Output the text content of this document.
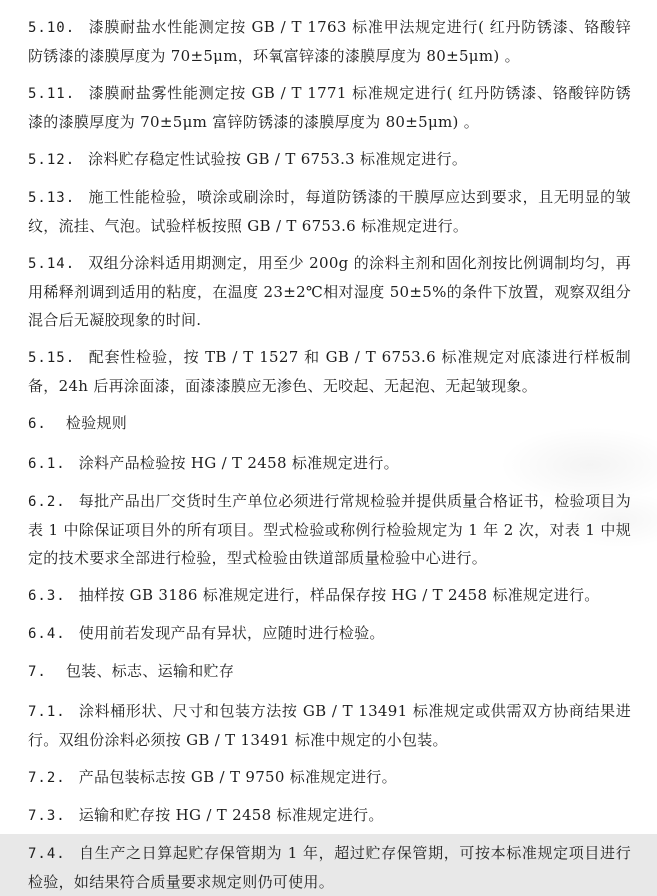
5.10. 漆膜耐盐水性能测定按 GB / T 1763 标准甲法规定进行( 红丹防锈漆、铬酸锌防锈漆的漆膜厚度为 70±5μm，环氧富锌漆的漆膜厚度为 80±5μm) 。

5.11. 漆膜耐盐雾性能测定按 GB / T 1771 标准规定进行( 红丹防锈漆、铬酸锌防锈漆的漆膜厚度为 70±5μm 富锌防锈漆的漆膜厚度为 80±5μm) 。

5.12. 涂料贮存稳定性试验按 GB / T 6753.3 标准规定进行。

5.13. 施工性能检验，喷涂或刷涂时，每道防锈漆的干膜厚应达到要求，且无明显的皱纹，流挂、气泡。试验样板按照 GB / T 6753.6 标准规定进行。

5.14. 双组分涂料适用期测定，用至少 200g 的涂料主剂和固化剂按比例调制均匀，再用稀释剂调到适用的粘度，在温度 23±2℃相对湿度 50±5%的条件下放置，观察双组分混合后无凝胶现象的时间.

5.15. 配套性检验，按 TB / T 1527 和 GB / T 6753.6 标准规定对底漆进行样板制备，24h 后再涂面漆，面漆漆膜应无渗色、无咬起、无起泡、无起皱现象。

6. 检验规则

6.1. 涂料产品检验按 HG / T 2458 标准规定进行。

6.2. 每批产品出厂交货时生产单位必须进行常规检验并提供质量合格证书，检验项目为表 1 中除保证项目外的所有项目。型式检验或称例行检验规定为 1 年 2 次，对表 1 中规定的技术要求全部进行检验，型式检验由铁道部质量检验中心进行。

6.3. 抽样按 GB 3186 标准规定进行，样品保存按 HG / T 2458 标准规定进行。

6.4. 使用前若发现产品有异状，应随时进行检验。

7. 包装、标志、运输和贮存

7.1. 涂料桶形状、尺寸和包装方法按 GB / T 13491 标准规定或供需双方协商结果进行。双组份涂料必须按 GB / T 13491 标准中规定的小包装。

7.2. 产品包装标志按 GB / T 9750 标准规定进行。

7.3. 运输和贮存按 HG / T 2458 标准规定进行。

7.4. 自生产之日算起贮存保管期为 1 年，超过贮存保管期，可按本标准规定项目进行检验，如结果符合质量要求规定则仍可使用。
